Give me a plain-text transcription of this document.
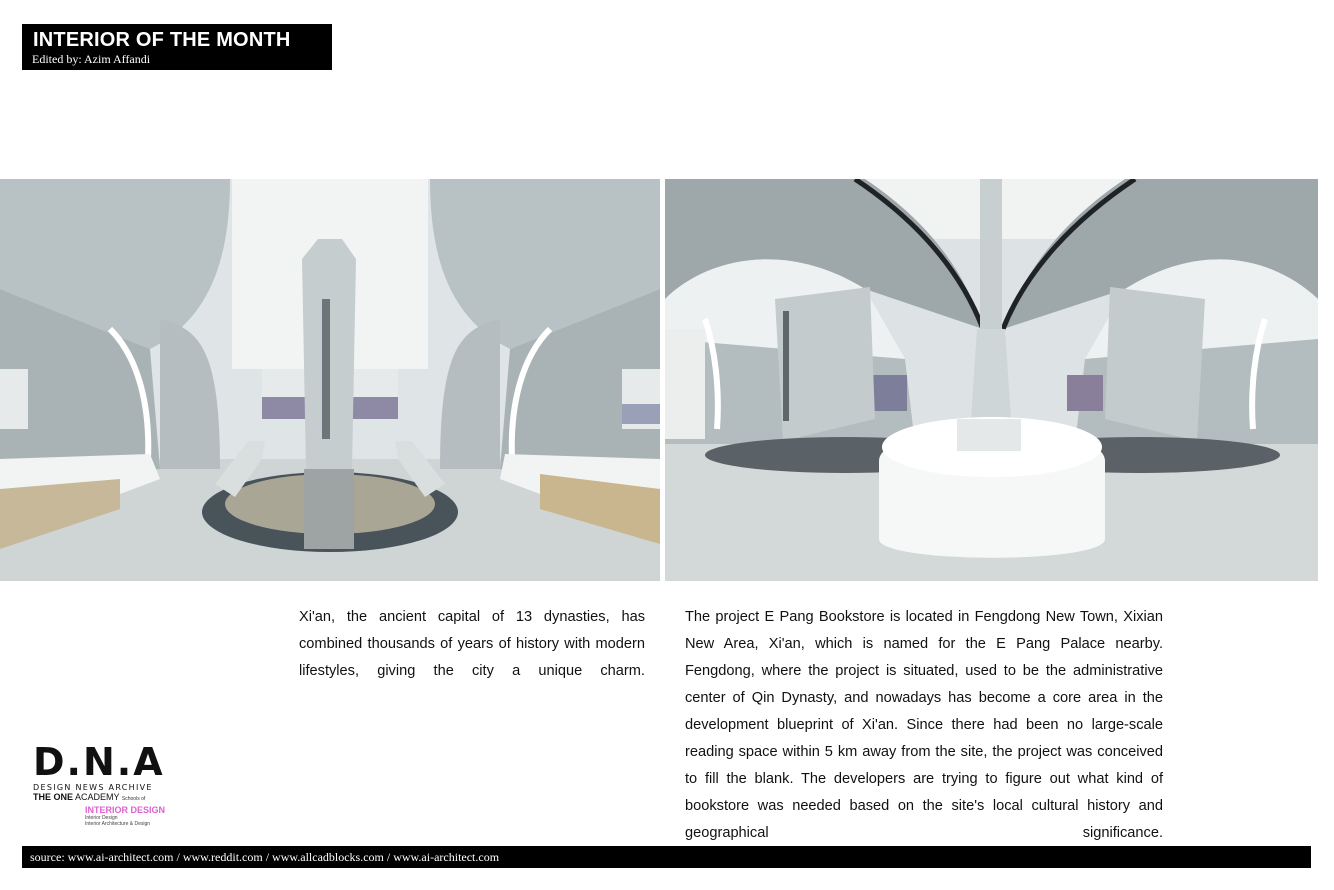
INTERIOR OF THE MONTH
Edited by: Azim Affandi

Xi'an, the ancient capital of 13 dynasties, has combined thousands of years of history with modern lifestyles, giving the city a unique charm.

The project E Pang Bookstore is located in Fengdong New Town, Xixian New Area, Xi'an, which is named for the E Pang Palace nearby. Fengdong, where the project is situated, used to be the administrative center of Qin Dynasty, and nowadays has become a core area in the development blueprint of Xi'an. Since there had been no large-scale reading space within 5 km away from the site, the project was conceived to fill the blank. The developers are trying to figure out what kind of bookstore was needed based on the site's local cultural history and geographical significance.

D.N.A
DESIGN NEWS ARCHIVE
THE ONE ACADEMY Schools of
INTERIOR DESIGN
Interior Design
Interior Architecture & Design
source: www.ai-architect.com / www.reddit.com / www.allcadblocks.com / www.ai-architect.com
